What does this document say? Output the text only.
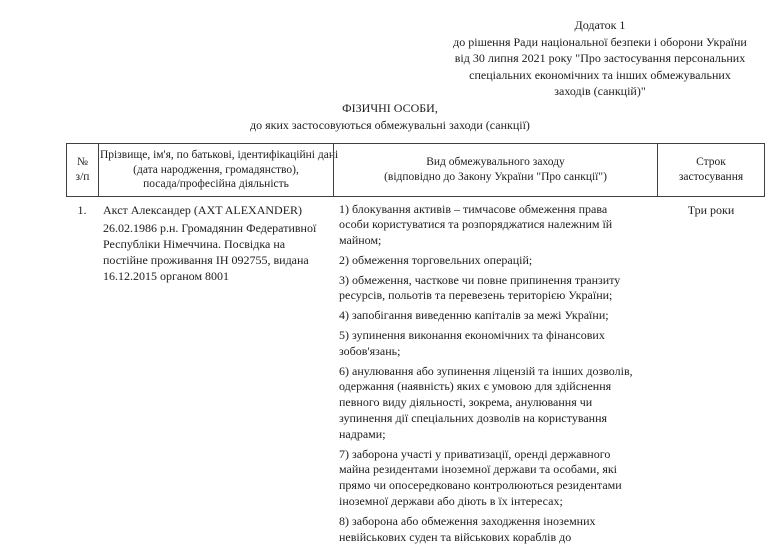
Додаток 1

до рішення Ради національної безпеки і оборони України

від 30 липня 2021 року "Про застосування персональних

спеціальних економічних та інших обмежувальних

заходів (санкцій)"

ФІЗИЧНІ ОСОБИ,

до яких застосовуються обмежувальні заходи (санкції)

№
з/п
Прізвище, ім'я, по батькові, ідентифікаційні дані
(дата народження, громадянство),
посада/професійна діяльність
Вид обмежувального заходу
(відповідно до Закону України "Про санкції")
Строк
застосування
1.	Акст Александер (AXT ALEXANDER)

26.02.1986 р.н. Громадянин Федеративної Республіки Німеччина. Посвідка на постійне проживання ІН 092755, видана 16.12.2015 органом 8001

1) блокування активів – тимчасове обмеження права особи користуватися та розпоряджатися належним їй майном;

2) обмеження торговельних операцій;

3) обмеження, часткове чи повне припинення транзиту ресурсів, польотів та перевезень територією України;

4) запобігання виведенню капіталів за межі України;

5) зупинення виконання економічних та фінансових зобов'язань;

6) анулювання або зупинення ліцензій та інших дозволів, одержання (наявність) яких є умовою для здійснення певного виду діяльності, зокрема, анулювання чи зупинення дії спеціальних дозволів на користування надрами;

7) заборона участі у приватизації, оренді державного майна резидентами іноземної держави та особами, які прямо чи опосередковано контролюються резидентами іноземної держави або діють в їх інтересах;

8) заборона або обмеження заходження іноземних невійськових суден та військових кораблів до

Три роки
